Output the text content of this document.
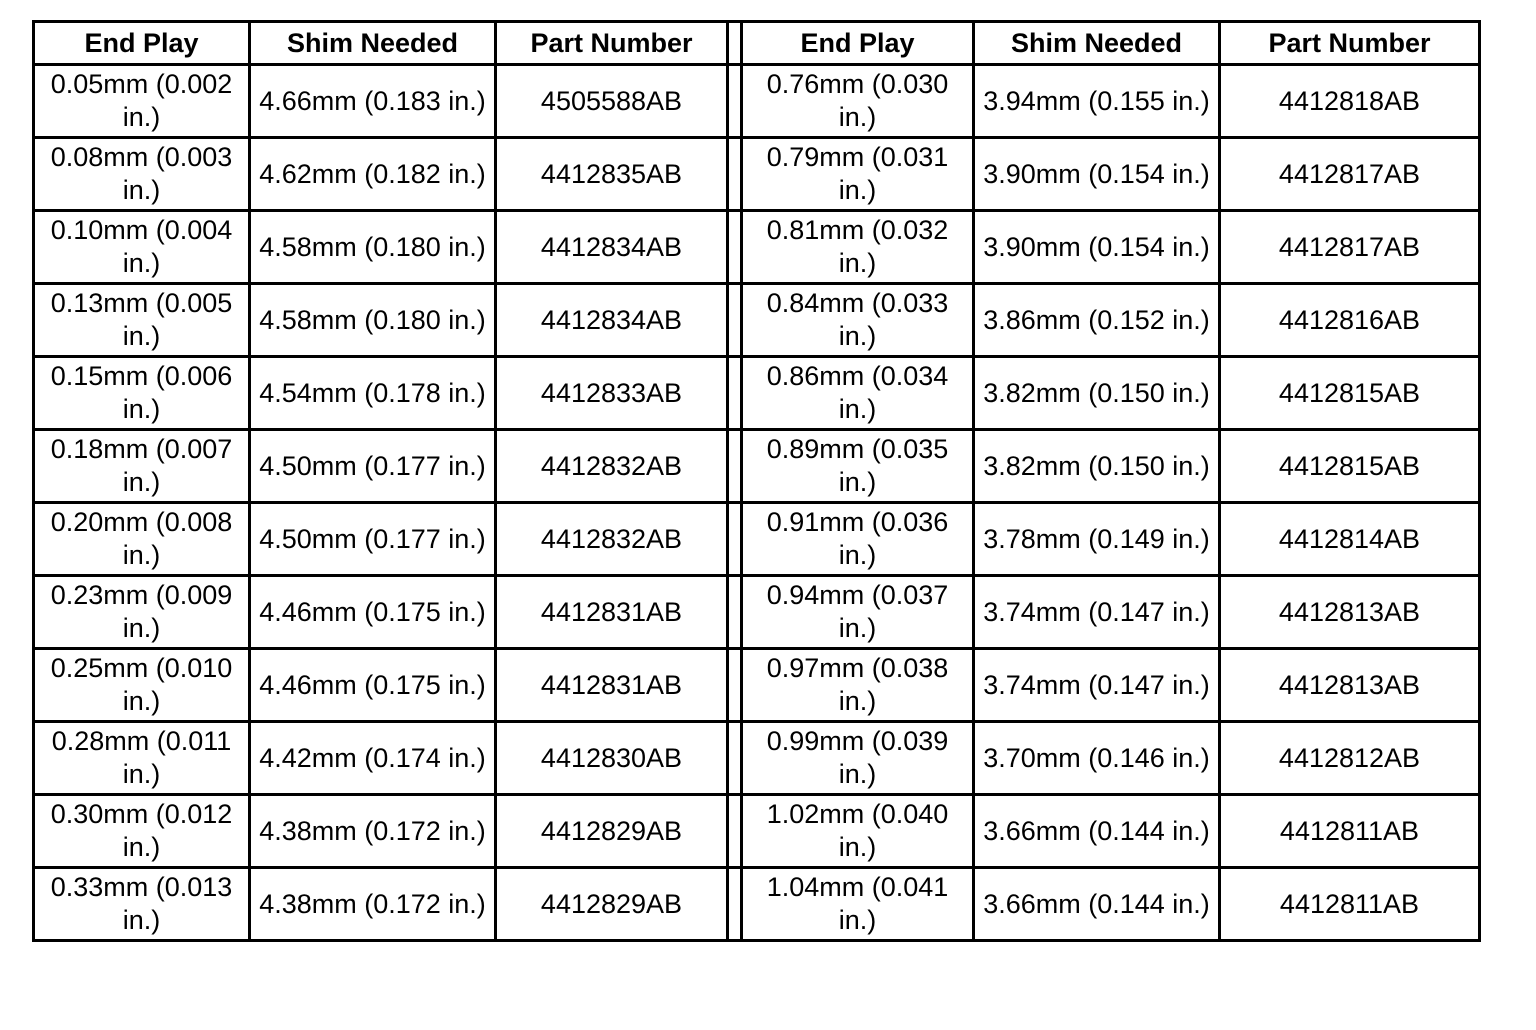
End Play	Shim Needed	Part Number		End Play	Shim Needed	Part Number
0.05mm (0.002 in.)	4.66mm (0.183 in.)	4505588AB		0.76mm (0.030 in.)	3.94mm (0.155 in.)	4412818AB
0.08mm (0.003 in.)	4.62mm (0.182 in.)	4412835AB		0.79mm (0.031 in.)	3.90mm (0.154 in.)	4412817AB
0.10mm (0.004 in.)	4.58mm (0.180 in.)	4412834AB		0.81mm (0.032 in.)	3.90mm (0.154 in.)	4412817AB
0.13mm (0.005 in.)	4.58mm (0.180 in.)	4412834AB		0.84mm (0.033 in.)	3.86mm (0.152 in.)	4412816AB
0.15mm (0.006 in.)	4.54mm (0.178 in.)	4412833AB		0.86mm (0.034 in.)	3.82mm (0.150 in.)	4412815AB
0.18mm (0.007 in.)	4.50mm (0.177 in.)	4412832AB		0.89mm (0.035 in.)	3.82mm (0.150 in.)	4412815AB
0.20mm (0.008 in.)	4.50mm (0.177 in.)	4412832AB		0.91mm (0.036 in.)	3.78mm (0.149 in.)	4412814AB
0.23mm (0.009 in.)	4.46mm (0.175 in.)	4412831AB		0.94mm (0.037 in.)	3.74mm (0.147 in.)	4412813AB
0.25mm (0.010 in.)	4.46mm (0.175 in.)	4412831AB		0.97mm (0.038 in.)	3.74mm (0.147 in.)	4412813AB
0.28mm (0.011 in.)	4.42mm (0.174 in.)	4412830AB		0.99mm (0.039 in.)	3.70mm (0.146 in.)	4412812AB
0.30mm (0.012 in.)	4.38mm (0.172 in.)	4412829AB		1.02mm (0.040 in.)	3.66mm (0.144 in.)	4412811AB
0.33mm (0.013 in.)	4.38mm (0.172 in.)	4412829AB		1.04mm (0.041 in.)	3.66mm (0.144 in.)	4412811AB
